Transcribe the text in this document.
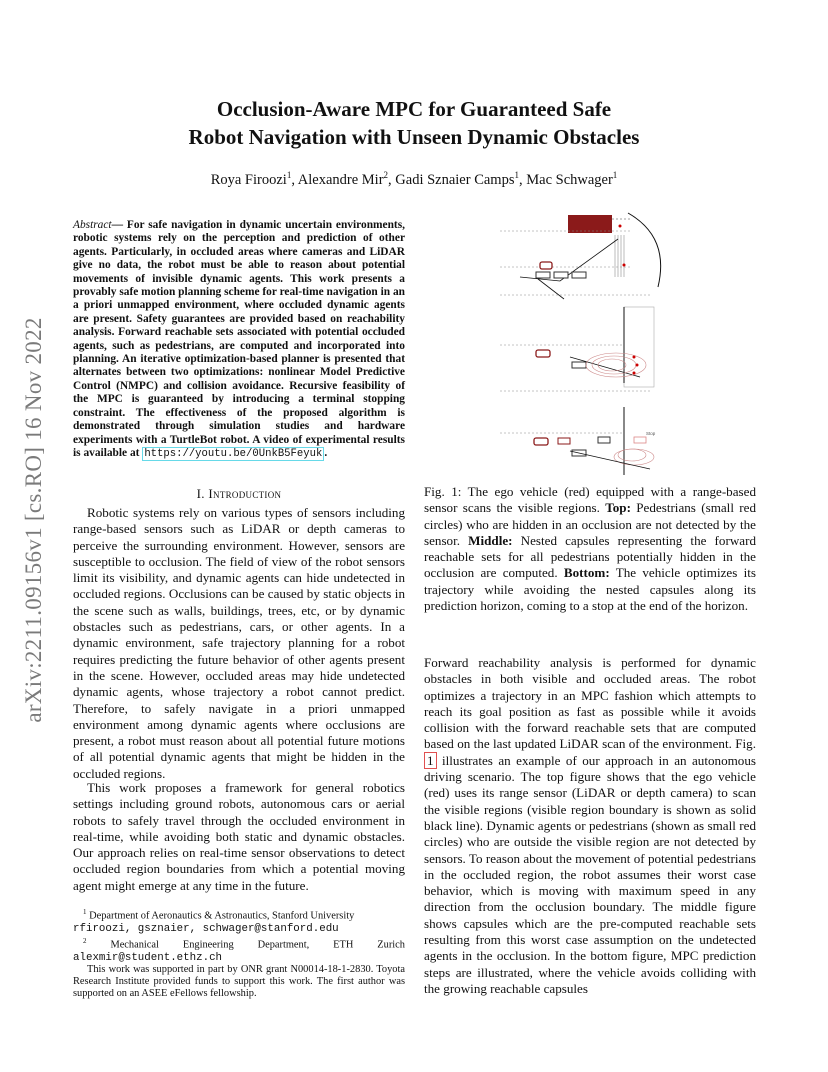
Occlusion-Aware MPC for Guaranteed Safe
Robot Navigation with Unseen Dynamic Obstacles
Roya Firoozi$^1$, Alexandre Mir$^2$, Gadi Sznaier Camps$^1$, Mac Schwager$^1$
arXiv:2211.09156v1 [cs.RO] 16 Nov 2022
Abstract— For safe navigation in dynamic uncertain environments, robotic systems rely on the perception and prediction of other agents. Particularly, in occluded areas where cameras and LiDAR give no data, the robot must be able to reason about potential movements of invisible dynamic agents. This work presents a provably safe motion planning scheme for real-time navigation in an a priori unmapped environment, where occluded dynamic agents are present. Safety guarantees are provided based on reachability analysis. Forward reachable sets associated with potential occluded agents, such as pedestrians, are computed and incorporated into planning. An iterative optimization-based planner is presented that alternates between two optimizations: nonlinear Model Predictive Control (NMPC) and collision avoidance. Recursive feasibility of the MPC is guaranteed by introducing a terminal stopping constraint. The effectiveness of the proposed algorithm is demonstrated through simulation studies and hardware experiments with a TurtleBot robot. A video of experimental results is available at https://youtu.be/0UnkB5Feyuk .
I. Introduction

Robotic systems rely on various types of sensors including range-based sensors such as LiDAR or depth cameras to perceive the surrounding environment. However, sensors are susceptible to occlusion. The field of view of the robot sensors limit its visibility, and dynamic agents can hide undetected in occluded regions. Occlusions can be caused by static objects in the scene such as walls, buildings, trees, etc, or by dynamic obstacles such as pedestrians, cars, or other agents. In a dynamic environment, safe trajectory planning for a robot requires predicting the future behavior of other agents present in the scene. However, occluded areas may hide undetected dynamic agents, whose trajectory a robot cannot predict. Therefore, to safely navigate in a priori unmapped environment among dynamic agents where occlusions are present, a robot must reason about all potential future motions of all potential dynamic agents that might be hidden in the occluded regions.

This work proposes a framework for general robotics settings including ground robots, autonomous cars or aerial robots to safely travel through the occluded environment in real-time, while avoiding both static and dynamic obstacles. Our approach relies on real-time sensor observations to detect occluded region boundaries from which a potential moving agent might emerge at any time in the future.

$^1$ Department of Aeronautics & Astronautics, Stanford University

rfiroozi, gsznaier, schwager@stanford.edu

$^2$ Mechanical Engineering Department, ETH Zurich

alexmir@student.ethz.ch

This work was supported in part by ONR grant N00014-18-1-2830. Toyota Research Institute provided funds to support this work. The first author was supported on an ASEE eFellows fellowship.

Stop
Fig. 1: The ego vehicle (red) equipped with a range-based sensor scans the visible regions. Top: Pedestrians (small red circles) who are hidden in an occlusion are not detected by the sensor. Middle: Nested capsules representing the forward reachable sets for all pedestrians potentially hidden in the occlusion are computed. Bottom: The vehicle optimizes its trajectory while avoiding the nested capsules along its prediction horizon, coming to a stop at the end of the horizon.
Forward reachability analysis is performed for dynamic obstacles in both visible and occluded areas. The robot optimizes a trajectory in an MPC fashion which attempts to reach its goal position as fast as possible while it avoids collision with the forward reachable sets that are computed based on the last updated LiDAR scan of the environment. Fig. 1 illustrates an example of our approach in an autonomous driving scenario. The top figure shows that the ego vehicle (red) uses its range sensor (LiDAR or depth camera) to scan the visible regions (visible region boundary is shown as solid black line). Dynamic agents or pedestrians (shown as small red circles) who are outside the visible region are not detected by sensors. To reason about the movement of potential pedestrians in the occluded region, the robot assumes their worst case behavior, which is moving with maximum speed in any direction from the occlusion boundary. The middle figure shows capsules which are the pre-computed reachable sets resulting from this worst case assumption on the undetected agents in the occlusion. In the bottom figure, MPC prediction steps are illustrated, where the vehicle avoids colliding with the growing reachable capsules
